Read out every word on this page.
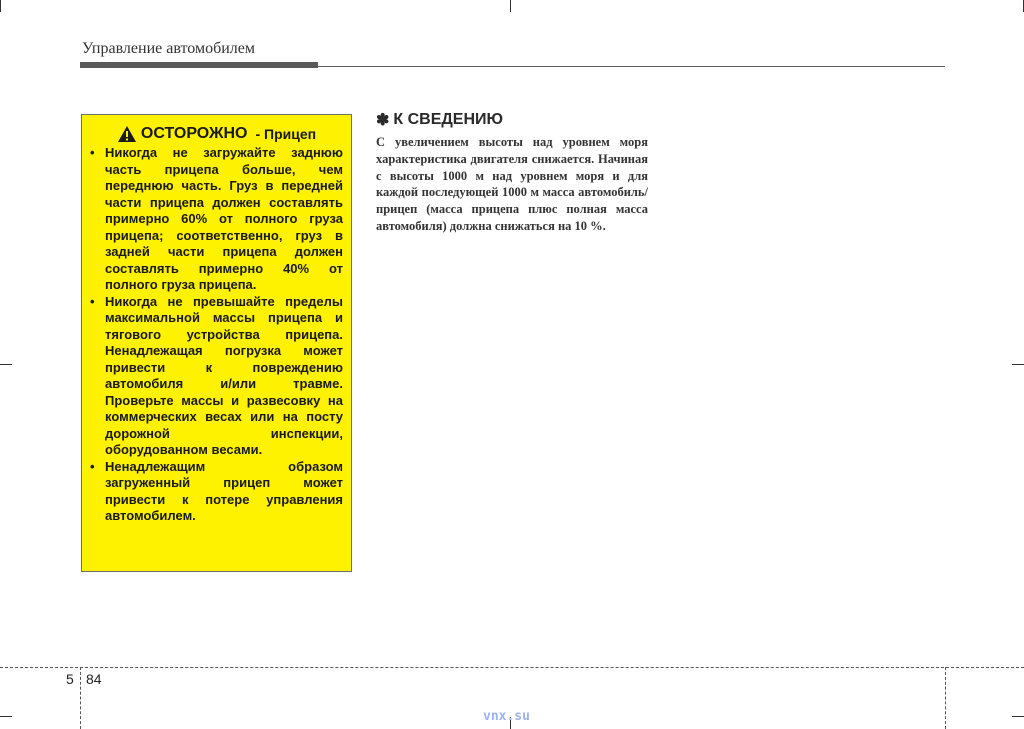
Управление автомобилем
ОСТОРОЖНО - Прицеп
• Никогда не загружайте заднюю часть прицепа больше, чем переднюю часть. Груз в передней части прицепа должен составлять примерно 60% от полного груза прицепа; соответственно, груз в задней части прицепа должен составлять примерно 40% от полного груза прицепа.
• Никогда не превышайте пределы максимальной массы прицепа и тягового устройства прицепа. Ненадлежащая погрузка может привести к повреждению автомобиля и/или травме. Проверьте массы и развесовку на коммерческих весах или на посту дорожной инспекции, оборудованном весами.
• Ненадлежащим образом загруженный прицеп может привести к потере управления автомобилем.
✽ К СВЕДЕНИЮ

С увеличением высоты над уровнем моря характеристика двигателя снижается. Начиная с высоты 1000 м над уровнем моря и для каждой последующей 1000 м масса автомобиль/прицеп (масса прицепа плюс полная масса автомобиля) должна снижаться на 10 %.

5 84
vnx.su
